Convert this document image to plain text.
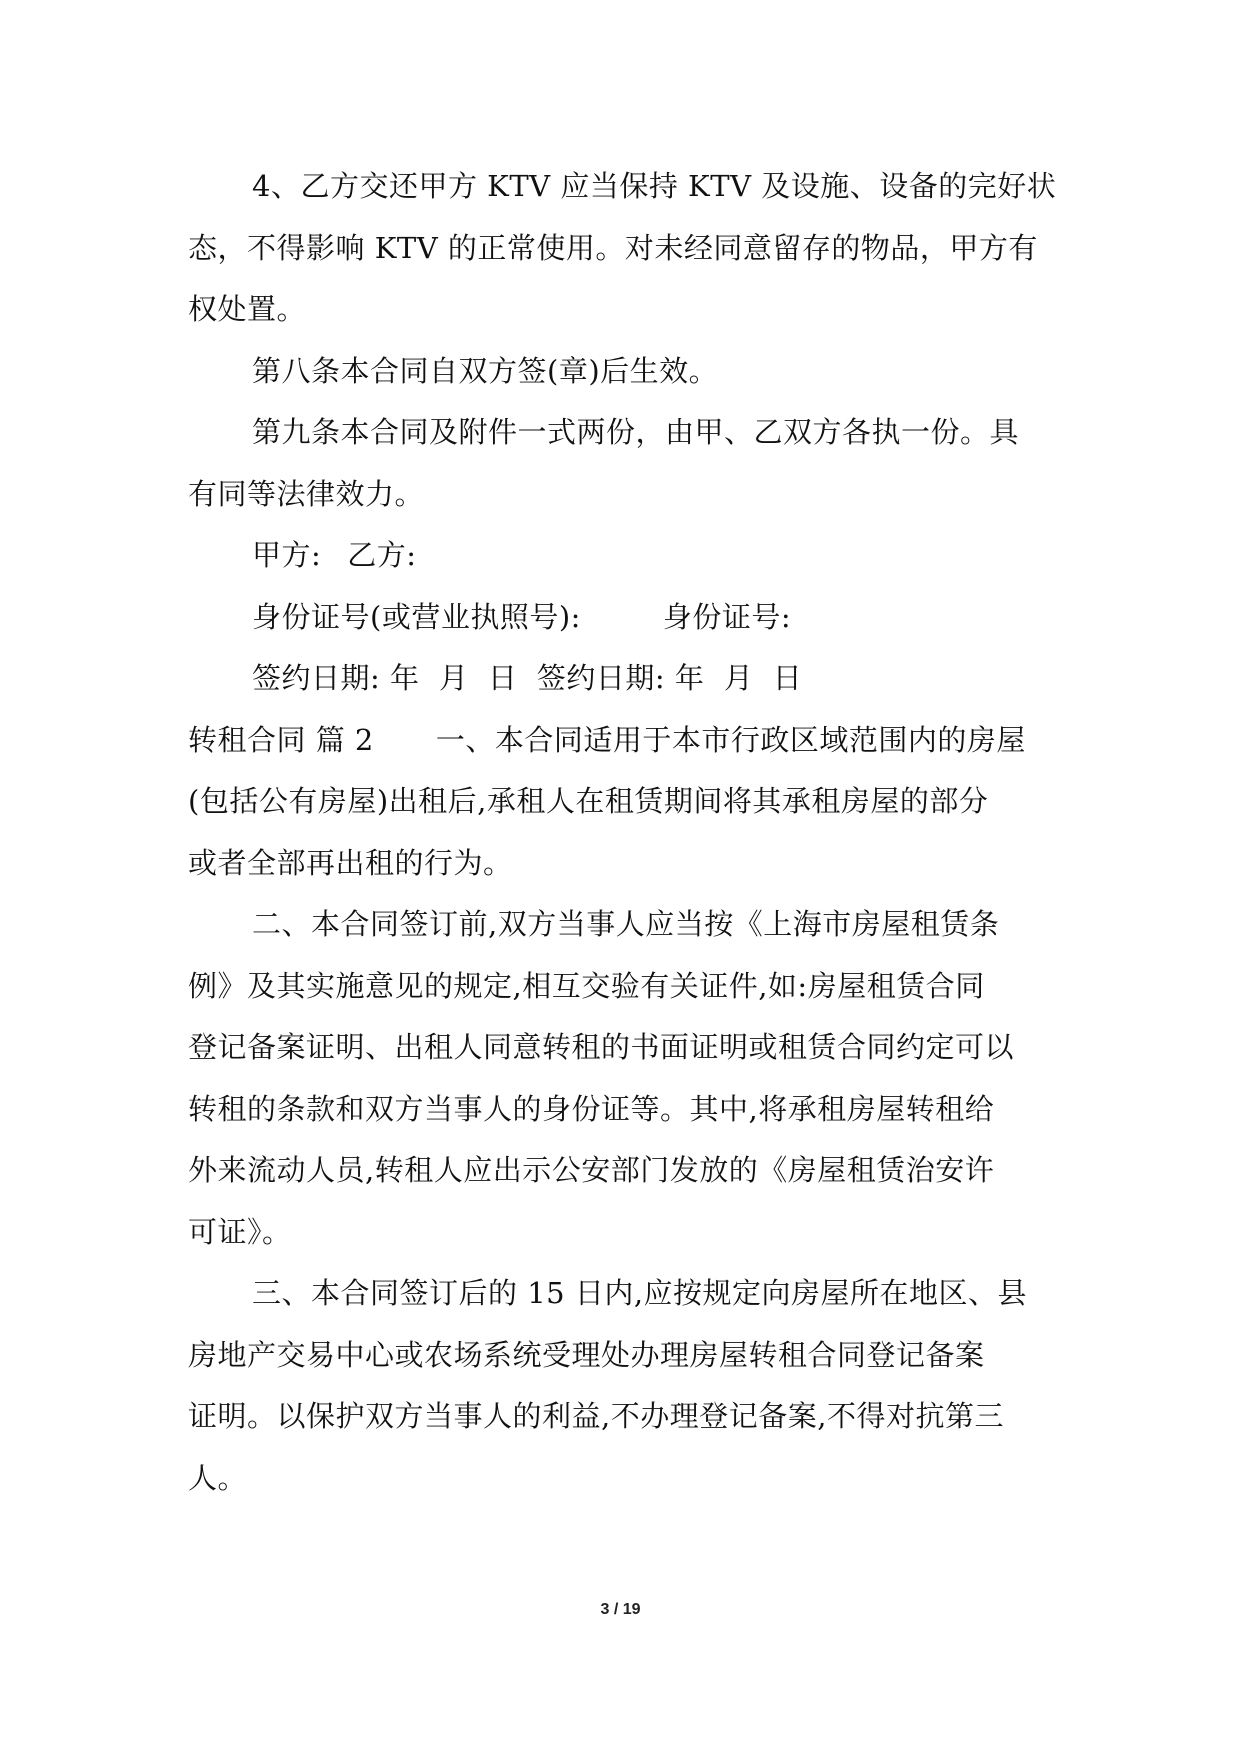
4、乙方交还甲方 KTV 应当保持 KTV 及设施、设备的完好状
态，不得影响 KTV 的正常使用。对未经同意留存的物品，甲方有
权处置。
第八条本合同自双方签(章)后生效。
第九条本合同及附件一式两份，由甲、乙双方各执一份。具
有同等法律效力。
甲方: 乙方:
身份证号(或营业执照号):	身份证号:
签约日期: 年 月 日 签约日期: 年 月 日
转租合同 篇 2 一、本合同适用于本市行政区域范围内的房屋
(包括公有房屋)出租后,承租人在租赁期间将其承租房屋的部分
或者全部再出租的行为。
二、本合同签订前,双方当事人应当按《上海市房屋租赁条
例》及其实施意见的规定,相互交验有关证件,如:房屋租赁合同
登记备案证明、出租人同意转租的书面证明或租赁合同约定可以
转租的条款和双方当事人的身份证等。其中,将承租房屋转租给
外来流动人员,转租人应出示公安部门发放的《房屋租赁治安许
可证》。
三、本合同签订后的 15 日内,应按规定向房屋所在地区、县
房地产交易中心或农场系统受理处办理房屋转租合同登记备案
证明。以保护双方当事人的利益,不办理登记备案,不得对抗第三
人。
3 / 19
